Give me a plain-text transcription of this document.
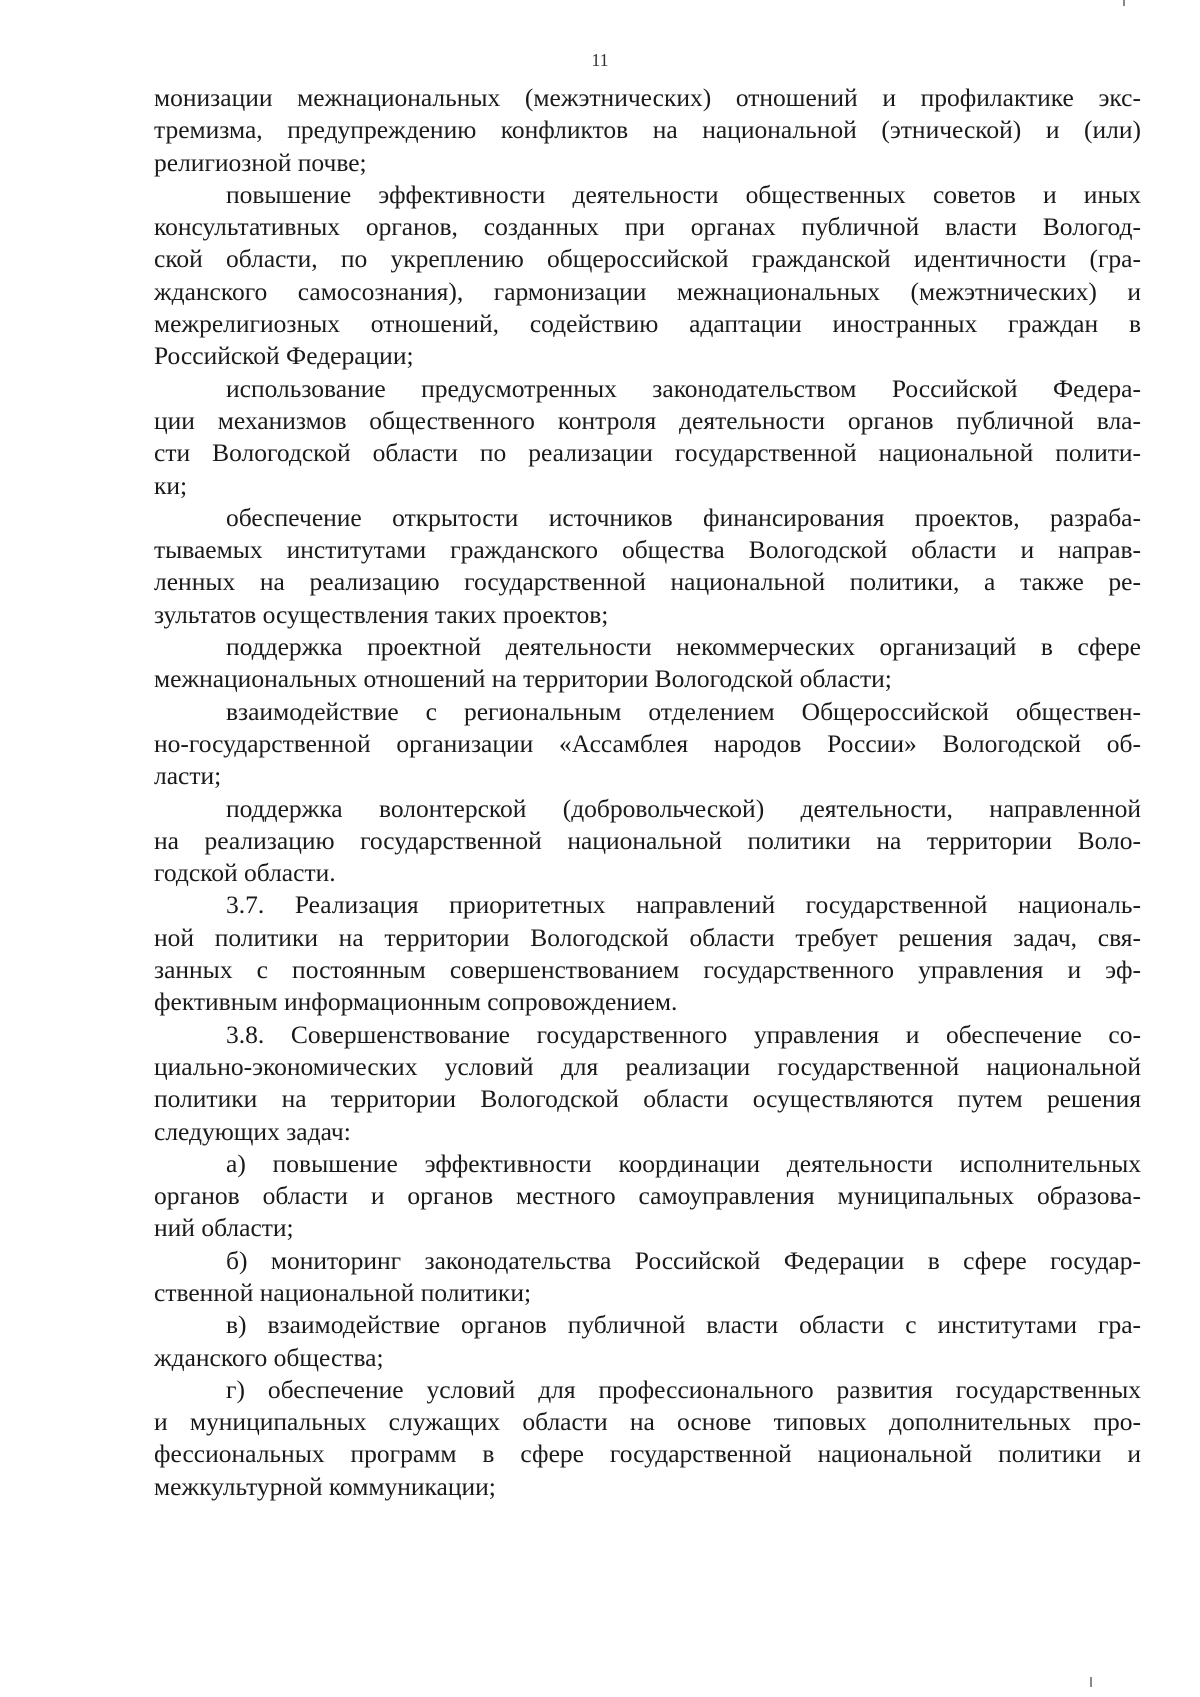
11
монизации межнациональных (межэтнических) отношений и профилактике экс-
тремизма, предупреждению конфликтов на национальной (этнической) и (или)
религиозной почве;
повышение эффективности деятельности общественных советов и иных
консультативных органов, созданных при органах публичной власти Вологод-
ской области, по укреплению общероссийской гражданской идентичности (гра-
жданского самосознания), гармонизации межнациональных (межэтнических) и
межрелигиозных отношений, содействию адаптации иностранных граждан в
Российской Федерации;
использование предусмотренных законодательством Российской Федера-
ции механизмов общественного контроля деятельности органов публичной вла-
сти Вологодской области по реализации государственной национальной полити-
ки;
обеспечение открытости источников финансирования проектов, разраба-
тываемых институтами гражданского общества Вологодской области и направ-
ленных на реализацию государственной национальной политики, а также ре-
зультатов осуществления таких проектов;
поддержка проектной деятельности некоммерческих организаций в сфере
межнациональных отношений на территории Вологодской области;
взаимодействие с региональным отделением Общероссийской обществен-
но-государственной организации «Ассамблея народов России» Вологодской об-
ласти;
поддержка волонтерской (добровольческой) деятельности, направленной
на реализацию государственной национальной политики на территории Воло-
годской области.
3.7. Реализация приоритетных направлений государственной националь-
ной политики на территории Вологодской области требует решения задач, свя-
занных с постоянным совершенствованием государственного управления и эф-
фективным информационным сопровождением.
3.8. Совершенствование государственного управления и обеспечение со-
циально-экономических условий для реализации государственной национальной
политики на территории Вологодской области осуществляются путем решения
следующих задач:
а) повышение эффективности координации деятельности исполнительных
органов области и органов местного самоуправления муниципальных образова-
ний области;
б) мониторинг законодательства Российской Федерации в сфере государ-
ственной национальной политики;
в) взаимодействие органов публичной власти области с институтами гра-
жданского общества;
г) обеспечение условий для профессионального развития государственных
и муниципальных служащих области на основе типовых дополнительных про-
фессиональных программ в сфере государственной национальной политики и
межкультурной коммуникации;
